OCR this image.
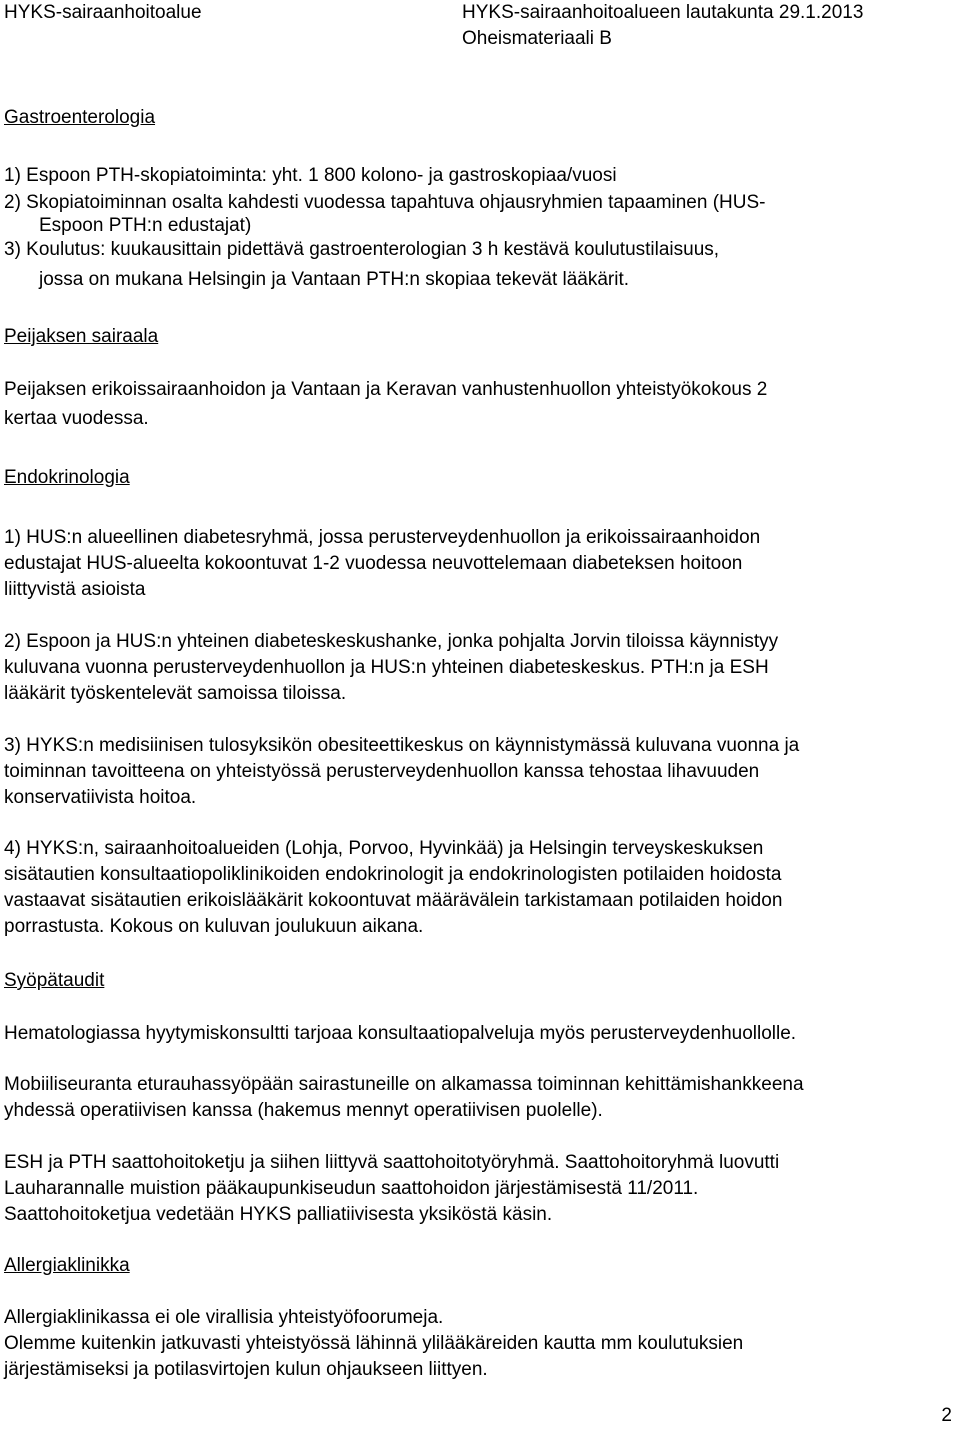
HYKS-sairaanhoitoalue	HYKS-sairaanhoitoalueen lautakunta 29.1.2013
Oheismateriaali B
Gastroenterologia
1) Espoon PTH-skopiatoiminta: yht. 1 800 kolono- ja gastroskopiaa/vuosi
2) Skopiatoiminnan osalta kahdesti vuodessa tapahtuva ohjausryhmien tapaaminen (HUS-
Espoon PTH:n edustajat)
3) Koulutus: kuukausittain pidettävä gastroenterologian 3 h kestävä koulutustilaisuus,
jossa on mukana Helsingin ja Vantaan PTH:n skopiaa tekevät lääkärit.
Peijaksen sairaala
Peijaksen erikoissairaanhoidon ja Vantaan ja Keravan vanhustenhuollon yhteistyökokous 2
kertaa vuodessa.
Endokrinologia
1) HUS:n alueellinen diabetesryhmä, jossa perusterveydenhuollon ja erikoissairaanhoidon
edustajat HUS-alueelta kokoontuvat 1-2 vuodessa neuvottelemaan diabeteksen hoitoon
liittyvistä asioista
2) Espoon ja HUS:n yhteinen diabeteskeskushanke, jonka pohjalta Jorvin tiloissa käynnistyy
kuluvana vuonna perusterveydenhuollon ja HUS:n yhteinen diabeteskeskus. PTH:n ja ESH
lääkärit työskentelevät samoissa tiloissa.
3) HYKS:n medisiinisen tulosyksikön obesiteettikeskus on käynnistymässä kuluvana vuonna ja
toiminnan tavoitteena on yhteistyössä perusterveydenhuollon kanssa tehostaa lihavuuden
konservatiivista hoitoa.
4) HYKS:n, sairaanhoitoalueiden (Lohja, Porvoo, Hyvinkää) ja Helsingin terveyskeskuksen
sisätautien konsultaatiopoliklinikoiden endokrinologit ja endokrinologisten potilaiden hoidosta
vastaavat sisätautien erikoislääkärit kokoontuvat määrävälein tarkistamaan potilaiden hoidon
porrastusta. Kokous on kuluvan joulukuun aikana.
Syöpätaudit
Hematologiassa hyytymiskonsultti tarjoaa konsultaatiopalveluja myös perusterveydenhuollolle.
Mobiiliseuranta eturauhassyöpään sairastuneille on alkamassa toiminnan kehittämishankkeena
yhdessä operatiivisen kanssa (hakemus mennyt operatiivisen puolelle).
ESH ja PTH saattohoitoketju ja siihen liittyvä saattohoitotyöryhmä. Saattohoitoryhmä luovutti
Lauharannalle muistion pääkaupunkiseudun saattohoidon järjestämisestä 11/2011.
Saattohoitoketjua vedetään HYKS palliatiivisesta yksiköstä käsin.
Allergiaklinikka
Allergiaklinikassa ei ole virallisia yhteistyöfoorumeja.
Olemme kuitenkin jatkuvasti yhteistyössä lähinnä ylilääkäreiden kautta mm koulutuksien
järjestämiseksi ja potilasvirtojen kulun ohjaukseen liittyen.
2
